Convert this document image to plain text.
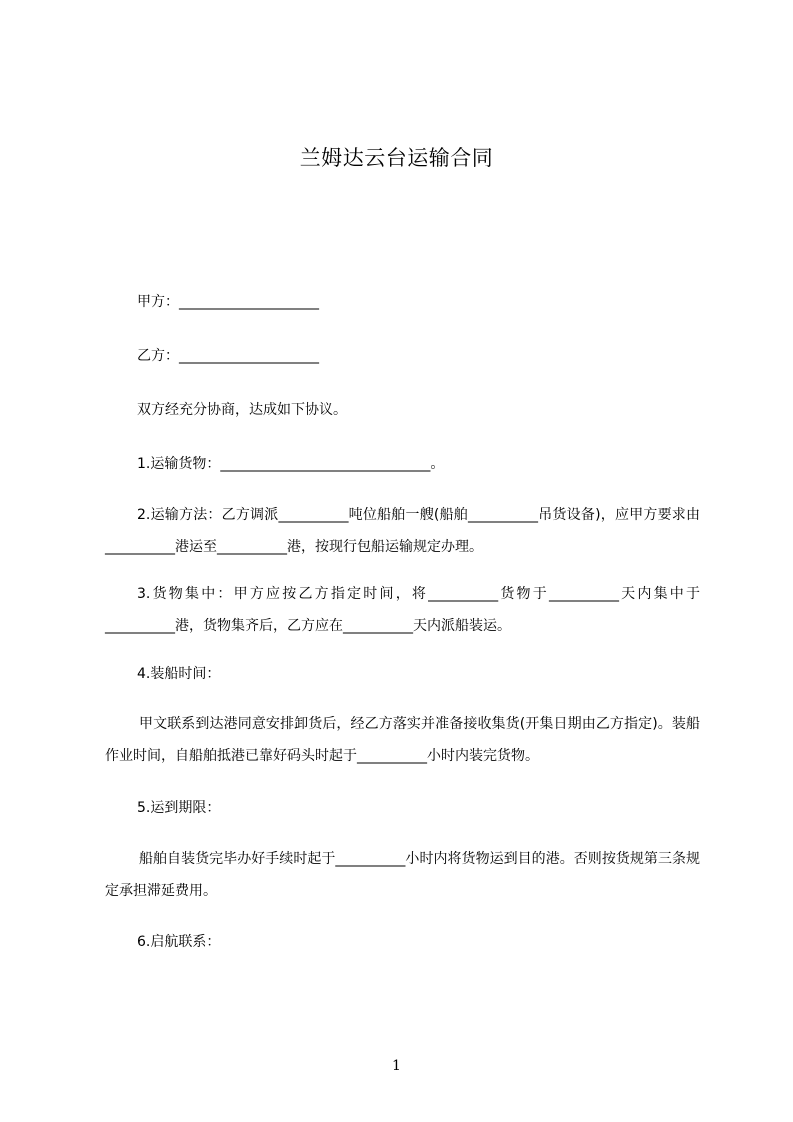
兰姆达云台运输合同
甲方：____________________
乙方：____________________
双方经充分协商，达成如下协议。
1.运输货物：______________________________。
2.运输方法：乙方调派__________吨位船舶一艘(船舶__________吊货设备)，应甲方要求由__________港运至__________港，按现行包船运输规定办理。
3.货物集中：甲方应按乙方指定时间，将__________货物于__________天内集中于__________港，货物集齐后，乙方应在__________天内派船装运。
4.装船时间：
甲文联系到达港同意安排卸货后，经乙方落实并准备接收集货(开集日期由乙方指定)。装船作业时间，自船舶抵港已靠好码头时起于__________小时内装完货物。
5.运到期限：
船舶自装货完毕办好手续时起于__________小时内将货物运到目的港。否则按货规第三条规定承担滞延费用。
6.启航联系：
1
